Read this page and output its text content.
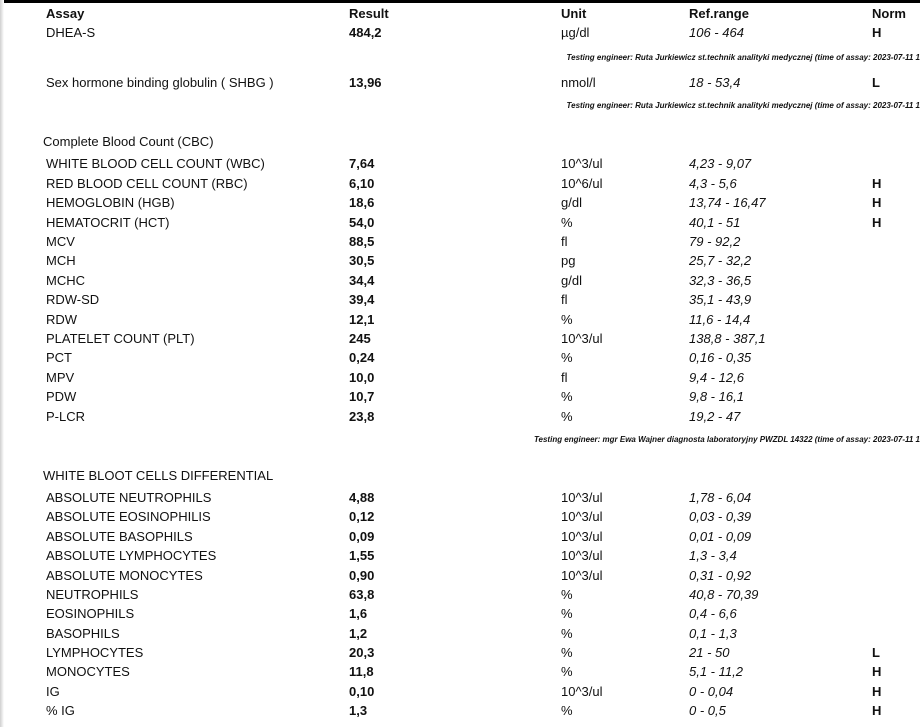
Assay	Result	Unit	Ref.range	Norm
DHEA-S	484,2	µg/dl	106 - 464	H
Testing engineer: Ruta Jurkiewicz st.technik analityki medycznej (time of assay: 2023-07-11 1
Sex hormone binding globulin ( SHBG )	13,96	nmol/l	18 - 53,4	L
Testing engineer: Ruta Jurkiewicz st.technik analityki medycznej (time of assay: 2023-07-11 1
Complete Blood Count (CBC)
WHITE BLOOD CELL COUNT (WBC)	7,64	10^3/ul	4,23 - 9,07
RED BLOOD CELL COUNT (RBC)	6,10	10^6/ul	4,3 - 5,6	H
HEMOGLOBIN (HGB)	18,6	g/dl	13,74 - 16,47	H
HEMATOCRIT (HCT)	54,0	%	40,1 - 51	H
MCV	88,5	fl	79 - 92,2
MCH	30,5	pg	25,7 - 32,2
MCHC	34,4	g/dl	32,3 - 36,5
RDW-SD	39,4	fl	35,1 - 43,9
RDW	12,1	%	11,6 - 14,4
PLATELET COUNT (PLT)	245	10^3/ul	138,8 - 387,1
PCT	0,24	%	0,16 - 0,35
MPV	10,0	fl	9,4 - 12,6
PDW	10,7	%	9,8 - 16,1
P-LCR	23,8	%	19,2 - 47
Testing engineer: mgr Ewa Wajner diagnosta laboratoryjny PWZDL 14322 (time of assay: 2023-07-11 1
WHITE BLOOT CELLS DIFFERENTIAL
ABSOLUTE NEUTROPHILS	4,88	10^3/ul	1,78 - 6,04
ABSOLUTE EOSINOPHILIS	0,12	10^3/ul	0,03 - 0,39
ABSOLUTE BASOPHILS	0,09	10^3/ul	0,01 - 0,09
ABSOLUTE LYMPHOCYTES	1,55	10^3/ul	1,3 - 3,4
ABSOLUTE MONOCYTES	0,90	10^3/ul	0,31 - 0,92
NEUTROPHILS	63,8	%	40,8 - 70,39
EOSINOPHILS	1,6	%	0,4 - 6,6
BASOPHILS	1,2	%	0,1 - 1,3
LYMPHOCYTES	20,3	%	21 - 50	L
MONOCYTES	11,8	%	5,1 - 11,2	H
IG	0,10	10^3/ul	0 - 0,04	H
% IG	1,3	%	0 - 0,5	H
